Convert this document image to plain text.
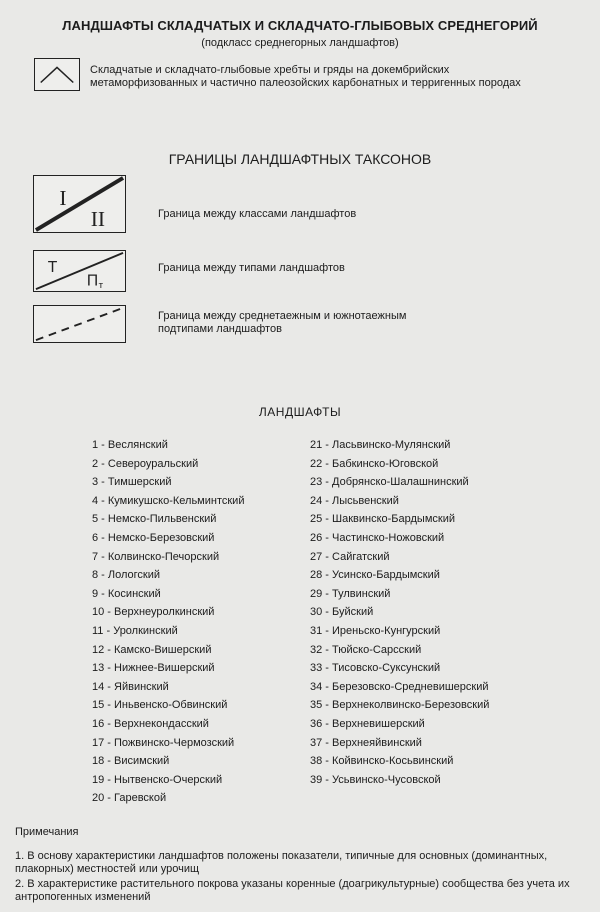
ЛАНДШАФТЫ СКЛАДЧАТЫХ И СКЛАДЧАТО-ГЛЫБОВЫХ СРЕДНЕГОРИЙ
(подкласс среднегорных ландшафтов)
Складчатые и складчато-глыбовые хребты и гряды на докембрийских метаморфизованных и частично палеозойских карбонатных и терригенных породах
ГРАНИЦЫ ЛАНДШАФТНЫХ ТАКСОНОВ
I
II	Граница между классами ландшафтов
Т
П т
Граница между типами ландшафтов
Граница между среднетаежным и южнотаежным подтипами ландшафтов
ЛАНДШАФТЫ
1 - Веслянский
2 - Североуральский
3 - Тимшерский
4 - Кумикушско-Кельминтский
5 - Немско-Пильвенский
6 - Немско-Березовский
7 - Колвинско-Печорский
8 - Лологский
9 - Косинский
10 - Верхнеуролкинский
11 - Уролкинский
12 - Камско-Вишерский
13 - Нижнее-Вишерский
14 - Яйвинский
15 - Иньвенско-Обвинский
16 - Верхнекондасский
17 - Пожвинско-Чермозский
18 - Висимский
19 - Нытвенско-Очерский
20 - Гаревской
21 - Ласьвинско-Мулянский
22 - Бабкинско-Юговской
23 - Добрянско-Шалашнинский
24 - Лысьвенский
25 - Шаквинско-Бардымский
26 - Частинско-Ножовский
27 - Сайгатский
28 - Усинско-Бардымский
29 - Тулвинский
30 - Буйский
31 - Иреньско-Кунгурский
32 - Тюйско-Сарсский
33 - Тисовско-Суксунский
34 - Березовско-Средневишерский
35 - Верхнеколвинско-Березовский
36 - Верхневишерский
37 - Верхнеяйвинский
38 - Койвинско-Косьвинский
39 - Усьвинско-Чусовской
Примечания
1. В основу характеристики ландшафтов положены показатели, типичные для основных (доминантных, плакорных) местностей или урочищ
2. В характеристике растительного покрова указаны коренные (доагрикультурные) сообщества без учета их антропогенных изменений
